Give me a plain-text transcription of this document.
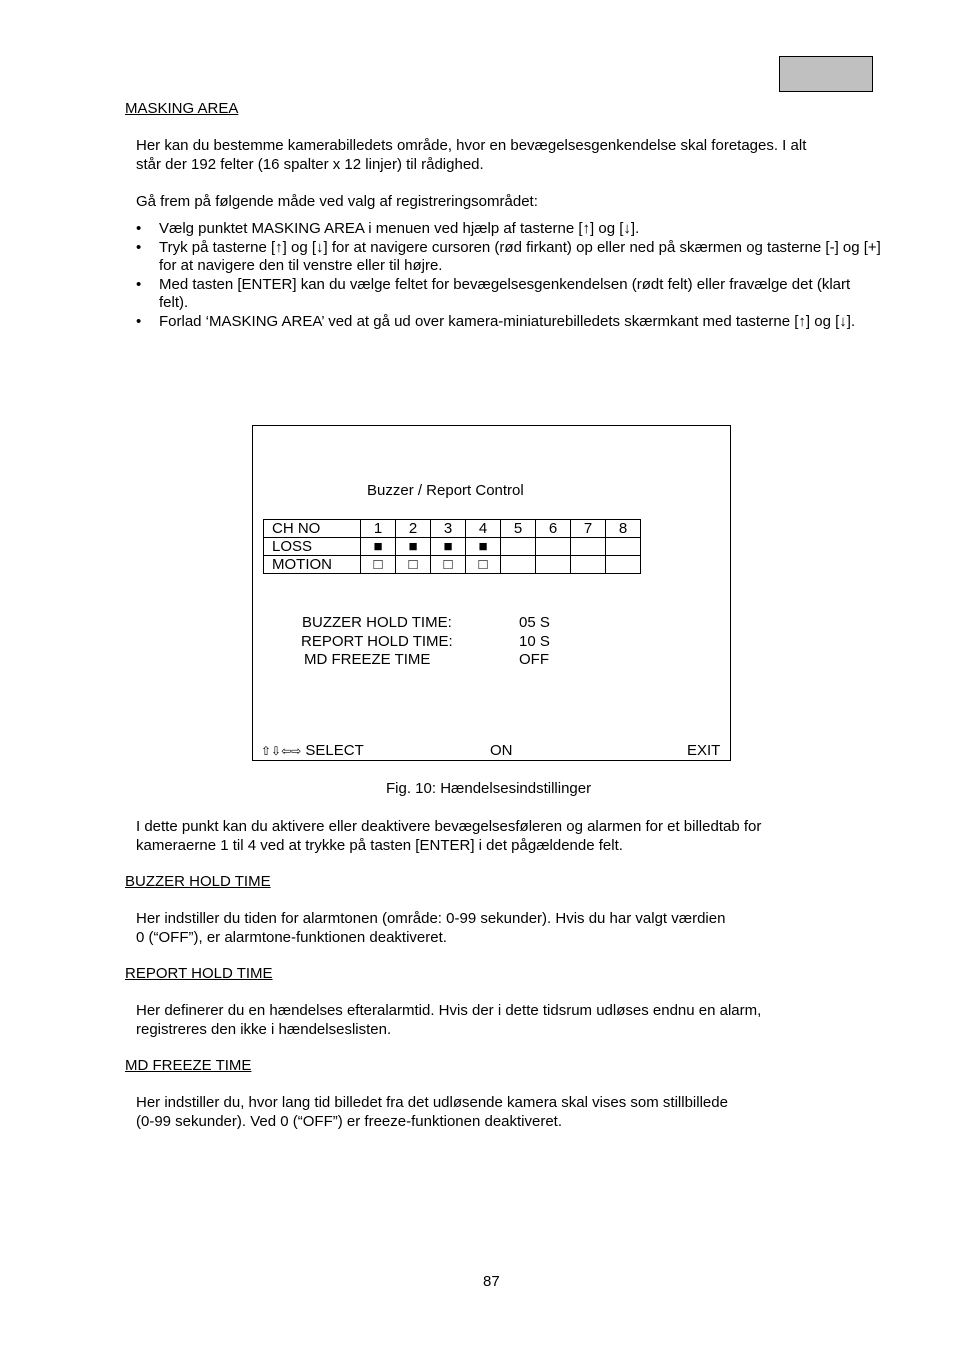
MASKING AREA

Her kan du bestemme kamerabilledets område, hvor en bevægelsesgenkendelse skal foretages. I alt

står der 192 felter (16 spalter x 12 linjer) til rådighed.

Gå frem på følgende måde ved valg af registreringsområdet:
• Vælg punktet MASKING AREA i menuen ved hjælp af tasterne [↑] og [↓].
• Tryk på tasterne [↑] og [↓] for at navigere cursoren (rød firkant) op eller ned på skærmen og tasterne [-] og [+] for at navigere den til venstre eller til højre.
• Med tasten [ENTER] kan du vælge feltet for bevægelsesgenkendelsen (rødt felt) eller fravælge det (klart felt).
• Forlad ‘MASKING AREA’ ved at gå ud over kamera-miniaturebilledets skærmkant med tasterne [↑] og [↓].
Buzzer / Report Control
CH NO	1	2	3	4	5	6	7	8
LOSS	■	■	■	■				
MOTION	□	□	□	□				
BUZZER HOLD TIME:	05 S
REPORT HOLD TIME:	10 S
MD FREEZE TIME	OFF
⇧⇩⇦⇨ SELECT	ON	EXIT
Fig. 10: Hændelsesindstillinger

I dette punkt kan du aktivere eller deaktivere bevægelsesføleren og alarmen for et billedtab for

kameraerne 1 til 4 ved at trykke på tasten [ENTER] i det pågældende felt.

BUZZER HOLD TIME

Her indstiller du tiden for alarmtonen (område: 0-99 sekunder). Hvis du har valgt værdien

0 (“OFF”), er alarmtone-funktionen deaktiveret.

REPORT HOLD TIME

Her definerer du en hændelses efteralarmtid. Hvis der i dette tidsrum udløses endnu en alarm,

registreres den ikke i hændelseslisten.

MD FREEZE TIME

Her indstiller du, hvor lang tid billedet fra det udløsende kamera skal vises som stillbillede

(0-99 sekunder). Ved 0 (“OFF”) er freeze-funktionen deaktiveret.

87
